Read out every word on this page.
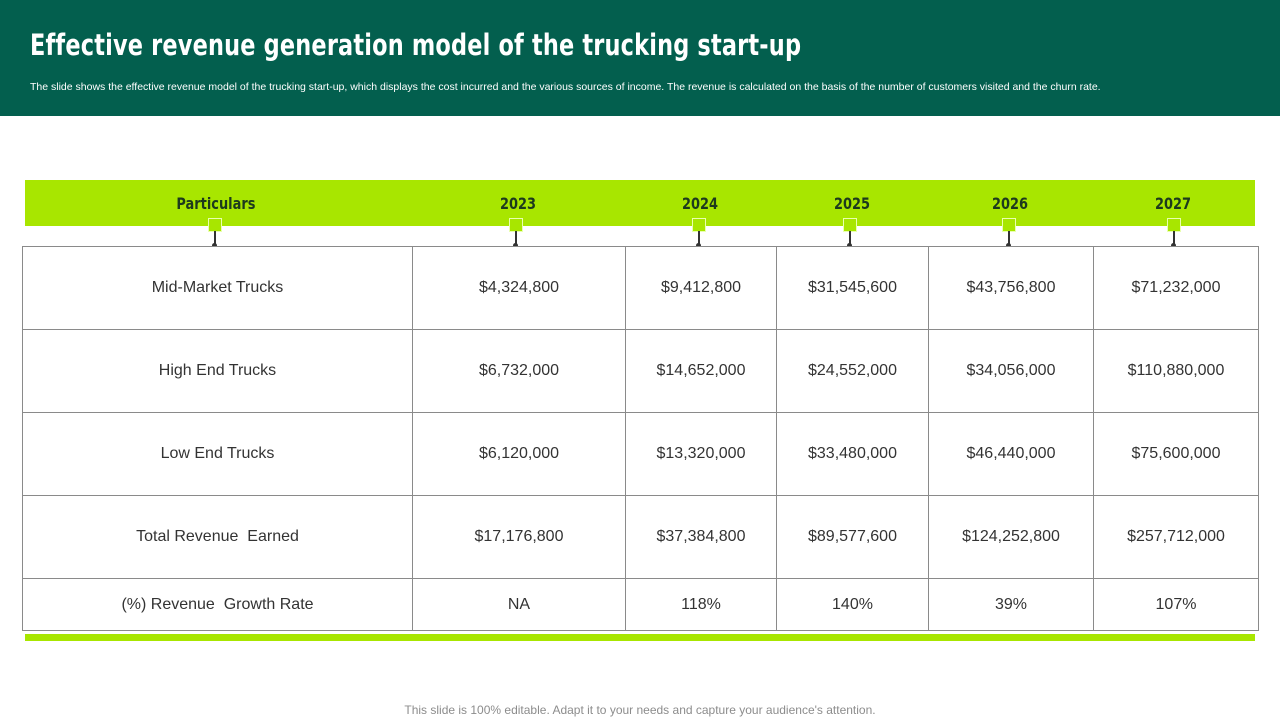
Effective revenue generation model of the trucking start-up
The slide shows the effective revenue model of the trucking start-up, which displays the cost incurred and the various sources of income. The revenue is calculated on the basis of the number of customers visited and the churn rate.
Particulars	2023	2024	2025	2026	2027
Mid-Market Trucks	$4,324,800	$9,412,800	$31,545,600	$43,756,800	$71,232,000
High End Trucks	$6,732,000	$14,652,000	$24,552,000	$34,056,000	$110,880,000
Low End Trucks	$6,120,000	$13,320,000	$33,480,000	$46,440,000	$75,600,000
Total Revenue  Earned	$17,176,800	$37,384,800	$89,577,600	$124,252,800	$257,712,000
(%) Revenue  Growth Rate	NA	118%	140%	39%	107%
This slide is 100% editable. Adapt it to your needs and capture your audience's attention.
